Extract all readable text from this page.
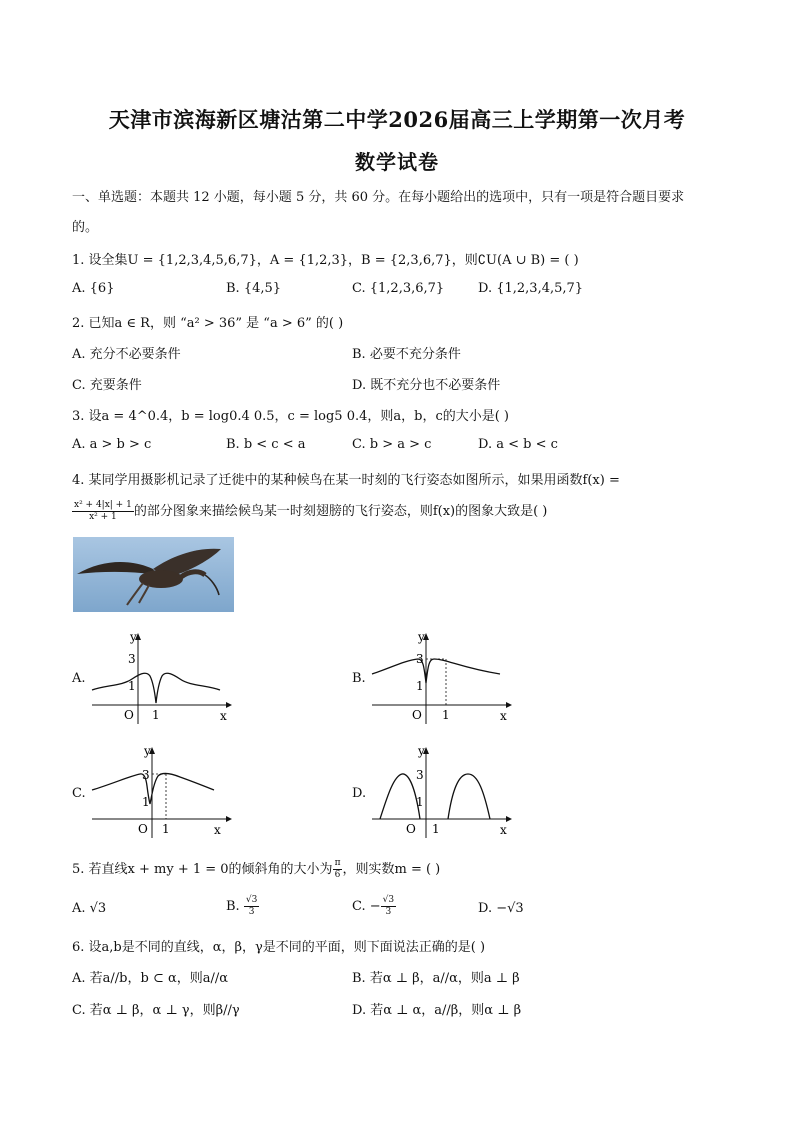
天津市滨海新区塘沽第二中学2026届高三上学期第一次月考
数学试卷
一、单选题：本题共 12 小题，每小题 5 分，共 60 分。在每小题给出的选项中，只有一项是符合题目要求
的。
1. 设全集U = {1,2,3,4,5,6,7}，A = {1,2,3}，B = {2,3,6,7}，则∁U(A ∪ B) = ( )
A. {6}	B. {4,5}	C. {1,2,3,6,7}	D. {1,2,3,4,5,7}
2. 已知a ∈ R，则 “a² > 36” 是 “a > 6” 的( )
A. 充分不必要条件	B. 必要不充分条件
C. 充要条件	D. 既不充分也不必要条件
3. 设a = 4^0.4，b = log0.4 0.5，c = log5 0.4，则a，b，c的大小是( )
A. a > b > c	B. b < c < a	C. b > a > c	D. a < b < c
4. 某同学用摄影机记录了迁徙中的某种候鸟在某一时刻的飞行姿态如图所示，如果用函数f(x) =
$\frac{\text{x² + 4|x| + 1}}{\text{x² + 1}}$ 的部分图象来描绘候鸟某一时刻翅膀的飞行姿态，则f(x)的图象大致是( )
A.
y
x
O 1
3
1	B.
y
x
O 1
3
1
C.
y
x
O 1
3
1
D.
y
x
O 1
3
1
5. 若直线x + my + 1 = 0的倾斜角的大小为 $\frac{\pi}{6}$ ，则实数m = ( )
A. √3	B. $\frac{√3}{3}$	C. − $\frac{√3}{3}$	D. −√3
6. 设a,b是不同的直线，α，β，γ是不同的平面，则下面说法正确的是( )
A. 若a//b，b ⊂ α，则a//α	B. 若α ⊥ β，a//α，则a ⊥ β
C. 若α ⊥ β，α ⊥ γ，则β//γ	D. 若α ⊥ α，a//β，则α ⊥ β
